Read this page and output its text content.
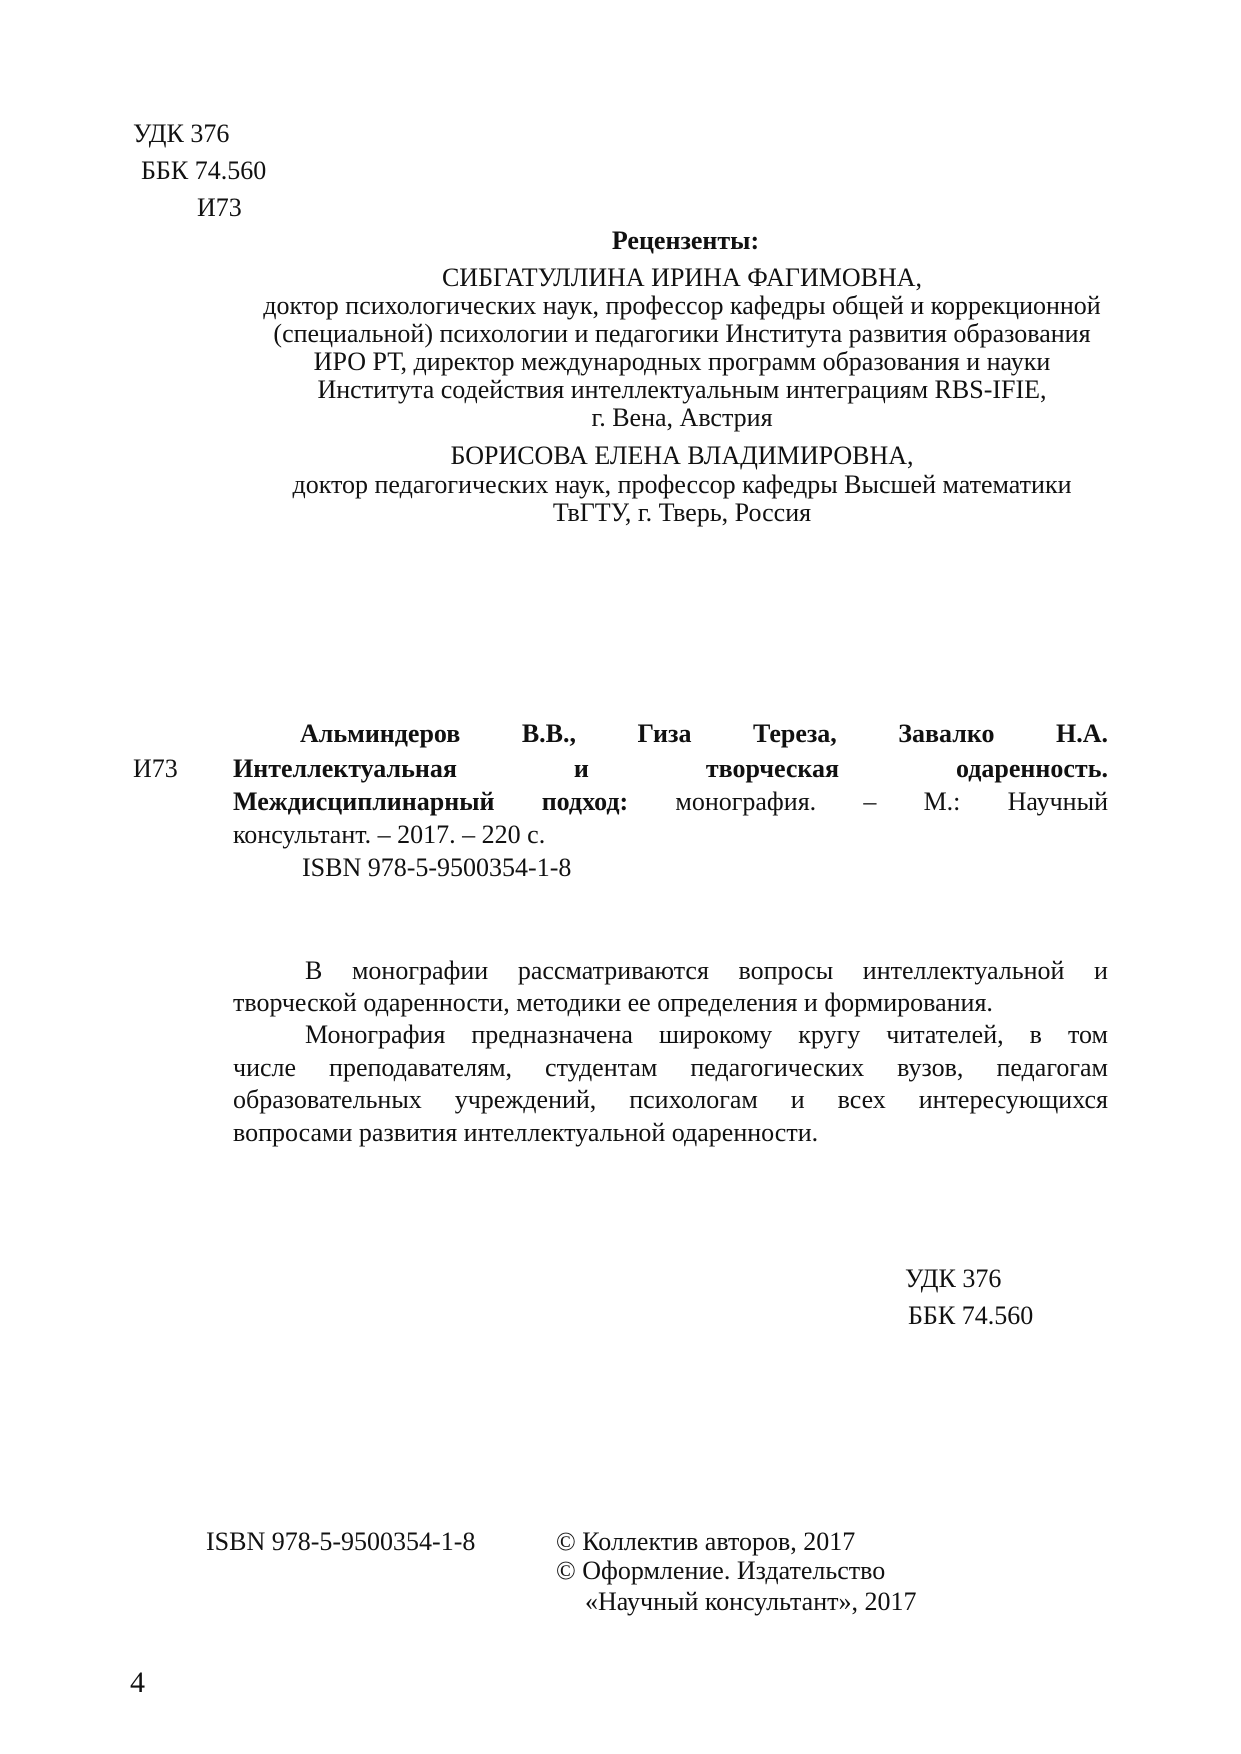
УДК 376
ББК 74.560
И73
Рецензенты:
СИБГАТУЛЛИНА ИРИНА ФАГИМОВНА,
доктор психологических наук, профессор кафедры общей и коррекционной
(специальной) психологии и педагогики Института развития образования
ИРО РТ, директор международных программ образования и науки
Института содействия интеллектуальным интеграциям RBS-IFIE,
г. Вена, Австрия
БОРИСОВА ЕЛЕНА ВЛАДИМИРОВНА,
доктор педагогических наук, профессор кафедры Высшей математики
ТвГТУ, г. Тверь, Россия
Альминдеров В.В., Гиза Тереза, Завалко Н.А.
И73 Интеллектуальная	и	творческая	одаренность.
Междисциплинарный подход: монография. – М.: Научный
консультант. – 2017. – 220 с.
ISBN 978-5-9500354-1-8
В монографии рассматриваются вопросы интеллектуальной и
творческой одаренности, методики ее определения и формирования.
Монография предназначена широкому кругу читателей, в том
числе преподавателям, студентам педагогических вузов, педагогам
образовательных учреждений, психологам и всех интересующихся
вопросами развития интеллектуальной одаренности.
УДК 376
ББК 74.560
ISBN 978-5-9500354-1-8	© Коллектив авторов, 2017
© Оформление. Издательство
«Научный консультант», 2017
4
